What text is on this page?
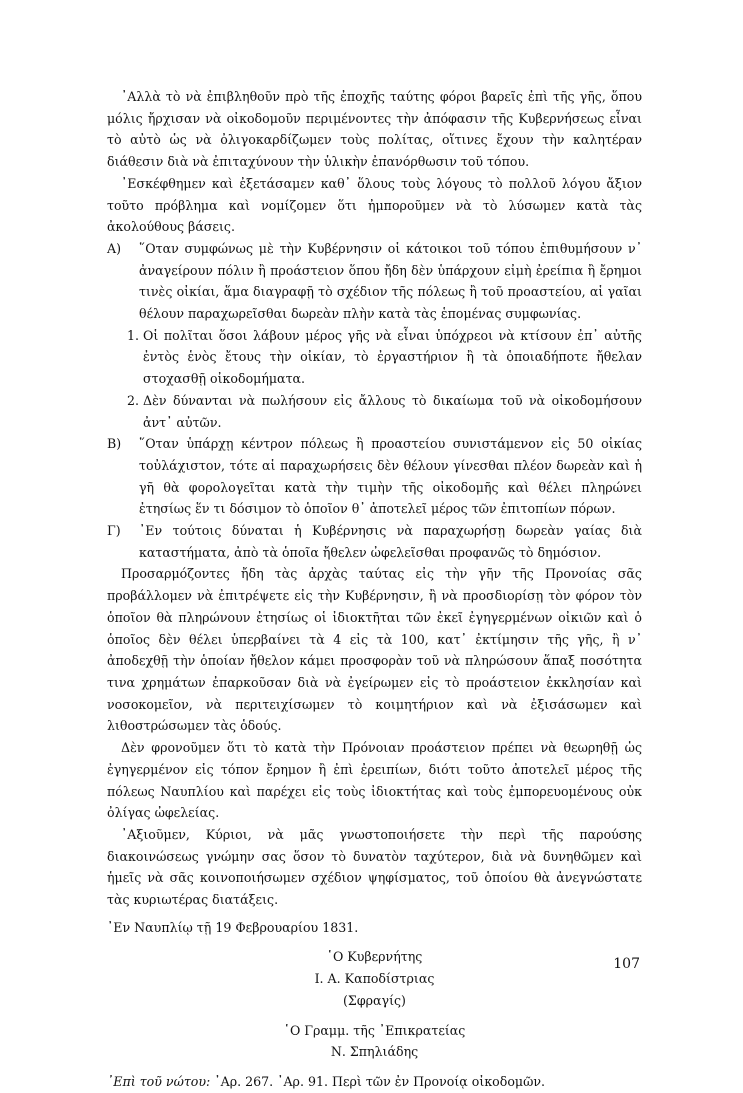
᾿Αλλὰ τὸ νὰ ἐπιβληθοῦν πρὸ τῆς ἐποχῆς ταύτης φόροι βαρεῖς ἐπὶ τῆς γῆς, ὅπου μόλις ἤρχισαν νὰ οἰκοδομοῦν περιμένοντες τὴν ἀπόφασιν τῆς Κυβερνήσεως εἶναι τὸ αὐτὸ ὡς νὰ ὀλιγοκαρδίζωμεν τοὺς πολίτας, οἵτινες ἔχουν τὴν καλητέραν διάθεσιν διὰ νὰ ἐπιταχύνουν τὴν ὑλικὴν ἐπανόρθωσιν τοῦ τόπου.

᾿Εσκέφθημεν καὶ ἐξετάσαμεν καθ᾿ ὅλους τοὺς λόγους τὸ πολλοῦ λόγου ἄξιον τοῦτο πρόβλημα καὶ νομίζομεν ὅτι ἠμποροῦμεν νὰ τὸ λύσωμεν κατὰ τὰς ἀκολούθους βάσεις.

Α) ῞Οταν συμφώνως μὲ τὴν Κυβέρνησιν οἱ κάτοικοι τοῦ τόπου ἐπιθυμήσουν ν᾿ ἀναγείρουν πόλιν ἢ προάστειον ὅπου ἤδη δὲν ὑπάρχουν εἰμὴ ἐρείπια ἢ ἔρημοι τινὲς οἰκίαι, ἅμα διαγραφῇ τὸ σχέδιον τῆς πόλεως ἢ τοῦ προαστείου, αἱ γαῖαι θέλουν παραχωρεῖσθαι δωρεὰν πλὴν κατὰ τὰς ἑπομένας συμφωνίας.
1. Οἱ πολῖται ὅσοι λάβουν μέρος γῆς νὰ εἶναι ὑπόχρεοι νὰ κτίσουν ἐπ᾿ αὐτῆς ἐντὸς ἑνὸς ἔτους τὴν οἰκίαν, τὸ ἐργαστήριον ἢ τὰ ὁποιαδήποτε ἤθελαν στοχασθῇ οἰκοδομήματα.
2. Δὲν δύνανται νὰ πωλήσουν εἰς ἄλλους τὸ δικαίωμα τοῦ νὰ οἰκοδομήσουν ἀντ᾿ αὐτῶν.
Β) ῞Οταν ὑπάρχῃ κέντρον πόλεως ἢ προαστείου συνιστάμενον εἰς 50 οἰκίας τοὐλάχιστον, τότε αἱ παραχωρήσεις δὲν θέλουν γίνεσθαι πλέον δωρεὰν καὶ ἡ γῆ θὰ φορολογεῖται κατὰ τὴν τιμὴν τῆς οἰκοδομῆς καὶ θέλει πληρώνει ἐτησίως ἕν τι δόσιμον τὸ ὁποῖον θ᾿ ἀποτελεῖ μέρος τῶν ἐπιτοπίων πόρων.
Γ) ᾿Εν τούτοις δύναται ἡ Κυβέρνησις νὰ παραχωρήσῃ δωρεὰν γαίας διὰ καταστήματα, ἀπὸ τὰ ὁποῖα ἤθελεν ὠφελεῖσθαι προφανῶς τὸ δημόσιον.

Προσαρμόζοντες ἤδη τὰς ἀρχὰς ταύτας εἰς τὴν γῆν τῆς Προνοίας σᾶς προβάλλομεν νὰ ἐπιτρέψετε εἰς τὴν Κυβέρνησιν, ἢ νὰ προσδιορίσῃ τὸν φόρον τὸν ὁποῖον θὰ πληρώνουν ἐτησίως οἱ ἰδιοκτῆται τῶν ἐκεῖ ἐγηγερμένων οἰκιῶν καὶ ὁ ὁποῖος δὲν θέλει ὑπερβαίνει τὰ 4 εἰς τὰ 100, κατ᾿ ἐκτίμησιν τῆς γῆς, ἢ ν᾿ ἀποδεχθῇ τὴν ὁποίαν ἤθελον κάμει προσφορὰν τοῦ νὰ πληρώσουν ἅπαξ ποσότητα τινα χρημάτων ἐπαρκοῦσαν διὰ νὰ ἐγείρωμεν εἰς τὸ προάστειον ἐκκλησίαν καὶ νοσοκομεῖον, νὰ περιτειχίσωμεν τὸ κοιμητήριον καὶ νὰ ἐξισάσωμεν καὶ λιθοστρώσωμεν τὰς ὁδούς.

Δὲν φρονοῦμεν ὅτι τὸ κατὰ τὴν Πρόνοιαν προάστειον πρέπει νὰ θεωρηθῇ ὡς ἐγηγερμένον εἰς τόπον ἔρημον ἢ ἐπὶ ἐρειπίων, διότι τοῦτο ἀποτελεῖ μέρος τῆς πόλεως Ναυπλίου καὶ παρέχει εἰς τοὺς ἰδιοκτήτας καὶ τοὺς ἐμπορευομένους οὐκ ὀλίγας ὠφελείας.

᾿Αξιοῦμεν, Κύριοι, νὰ μᾶς γνωστοποιήσετε τὴν περὶ τῆς παρούσης διακοινώσεως γνώμην σας ὅσον τὸ δυνατὸν ταχύτερον, διὰ νὰ δυνηθῶμεν καὶ ἡμεῖς νὰ σᾶς κοινοποιήσωμεν σχέδιον ψηφίσματος, τοῦ ὁποίου θὰ ἀνεγνώστατε τὰς κυριωτέρας διατάξεις.

᾿Εν Ναυπλίῳ τῇ 19 Φεβρουαρίου 1831.

῾Ο Κυβερνήτης

Ι. Α. Καποδίστριας

(Σφραγίς)

῾Ο Γραμμ. τῆς ᾿Επικρατείας

Ν. Σπηλιάδης

᾿Επὶ τοῦ νώτου: ᾿Αρ. 267. ᾿Αρ. 91. Περὶ τῶν ἐν Προνοίᾳ οἰκοδομῶν.

107
